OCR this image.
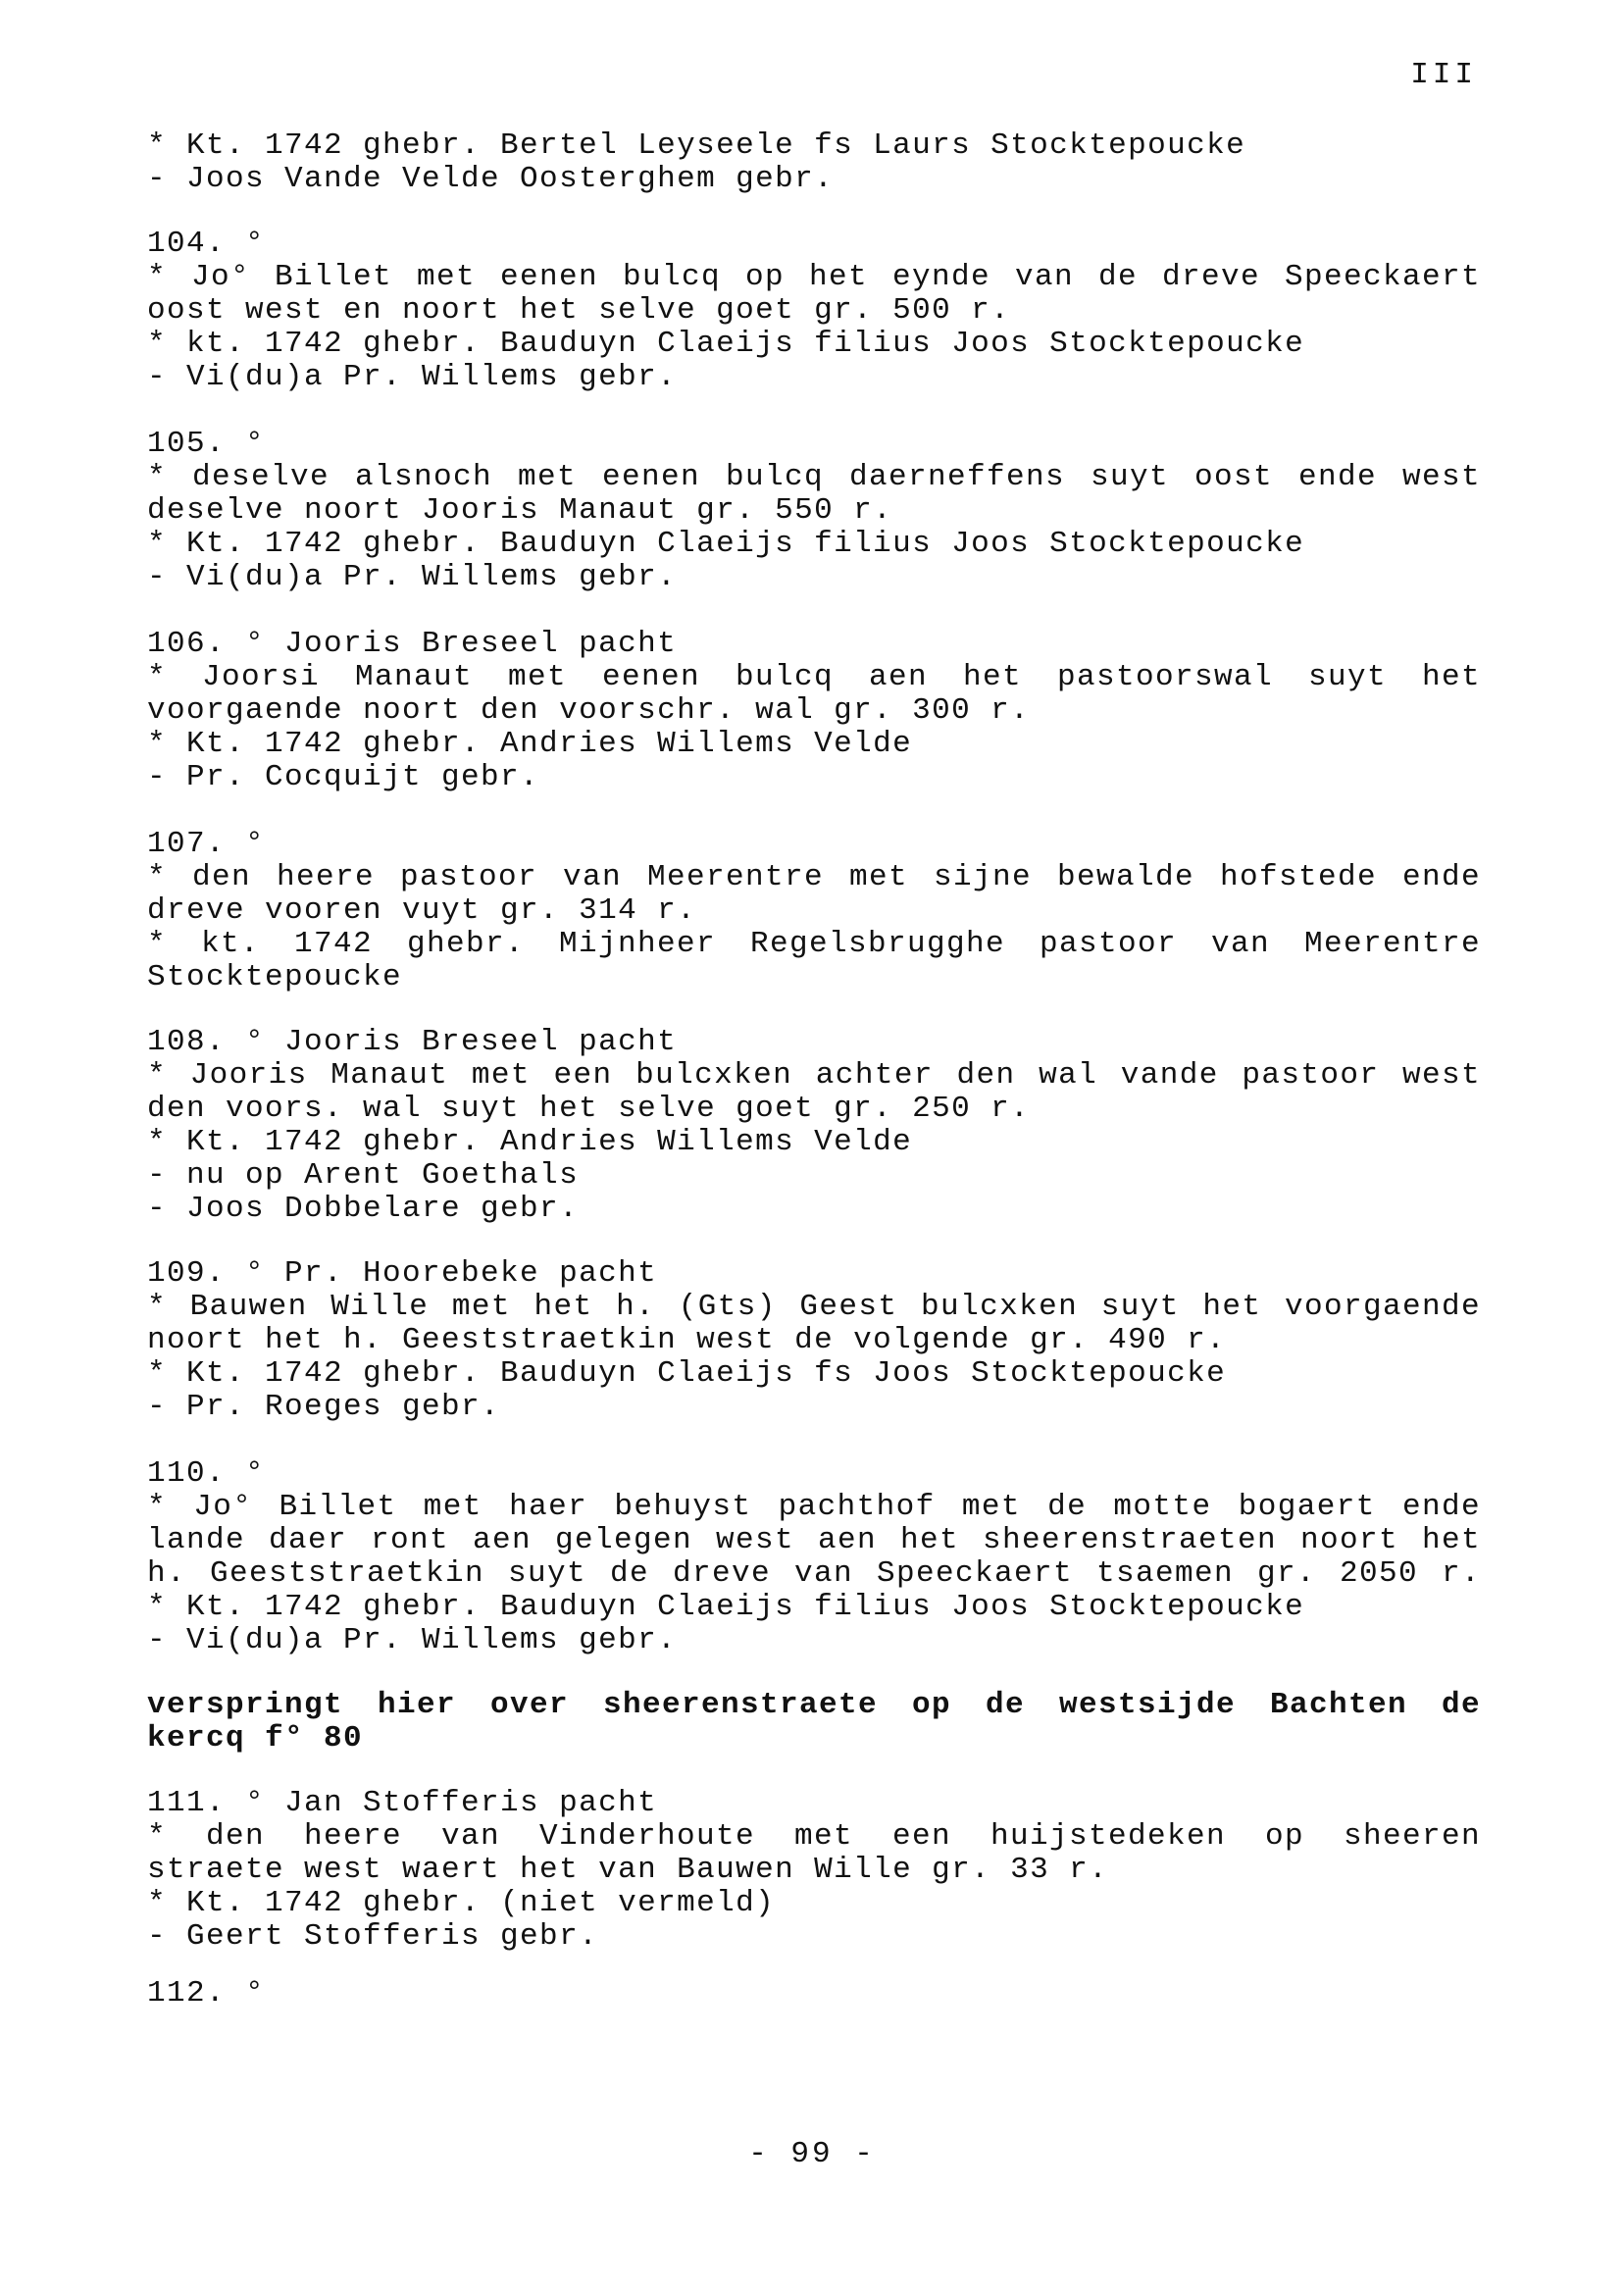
III
* Kt. 1742 ghebr. Bertel Leyseele fs Laurs Stocktepoucke
- Joos Vande Velde Oosterghem gebr.
104. °
* Jo° Billet met eenen bulcq op het eynde van de dreve Speeckaert
oost west en noort het selve goet gr. 500 r.
* kt. 1742 ghebr. Bauduyn Claeijs filius Joos Stocktepoucke
- Vi(du)a Pr. Willems gebr.
105. °
* deselve alsnoch met eenen bulcq daerneffens suyt oost ende west
deselve noort Jooris Manaut gr. 550 r.
* Kt. 1742 ghebr. Bauduyn Claeijs filius Joos Stocktepoucke
- Vi(du)a Pr. Willems gebr.
106. ° Jooris Breseel pacht
* Joorsi Manaut met eenen bulcq aen het pastoorswal suyt het
voorgaende noort den voorschr. wal gr. 300 r.
* Kt. 1742 ghebr. Andries Willems Velde
- Pr. Cocquijt gebr.
107. °
* den heere pastoor van Meerentre met sijne bewalde hofstede ende
dreve vooren vuyt gr. 314 r.
* kt. 1742 ghebr. Mijnheer Regelsbrugghe pastoor van Meerentre
Stocktepoucke
108. ° Jooris Breseel pacht
* Jooris Manaut met een bulcxken achter den wal vande pastoor west
den voors. wal suyt het selve goet gr. 250 r.
* Kt. 1742 ghebr. Andries Willems Velde
- nu op Arent Goethals
- Joos Dobbelare gebr.
109. ° Pr. Hoorebeke pacht
* Bauwen Wille met het h. (Gts) Geest bulcxken suyt het voorgaende
noort het h. Geeststraetkin west de volgende gr. 490 r.
* Kt. 1742 ghebr. Bauduyn Claeijs fs Joos Stocktepoucke
- Pr. Roeges gebr.
110. °
* Jo° Billet met haer behuyst pachthof met de motte bogaert ende
lande daer ront aen gelegen west aen het sheerenstraeten noort het
h. Geeststraetkin suyt de dreve van Speeckaert tsaemen gr. 2050 r.
* Kt. 1742 ghebr. Bauduyn Claeijs filius Joos Stocktepoucke
- Vi(du)a Pr. Willems gebr.
verspringt hier over sheerenstraete op de westsijde Bachten de
kercq f° 80
111. ° Jan Stofferis pacht
* den heere van Vinderhoute met een huijstedeken op sheeren
straete west waert het van Bauwen Wille gr. 33 r.
* Kt. 1742 ghebr. (niet vermeld)
- Geert Stofferis gebr.
112. °
- 99 -
